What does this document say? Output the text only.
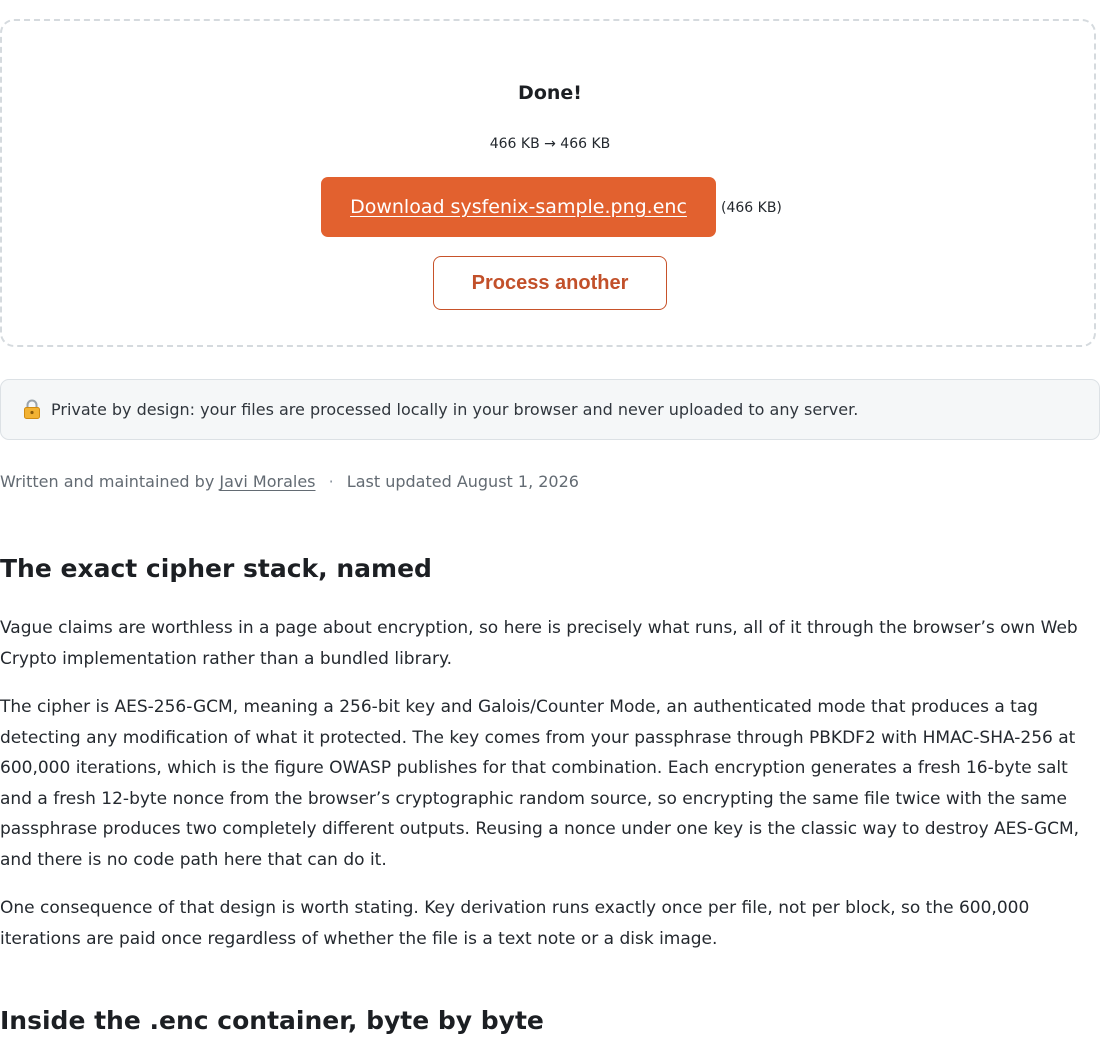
Done!
466 KB → 466 KB
Download sysfenix-sample.png.enc	(466 KB)
Process another
Private by design: your files are processed locally in your browser and never uploaded to any server.
Written and maintained by Javi Morales · Last updated August 1, 2026
The exact cipher stack, named

Vague claims are worthless in a page about encryption, so here is precisely what runs, all of it through the browser’s own Web Crypto implementation rather than a bundled library.

The cipher is AES-256-GCM, meaning a 256-bit key and Galois/Counter Mode, an authenticated mode that produces a tag detecting any modification of what it protected. The key comes from your passphrase through PBKDF2 with HMAC-SHA-256 at 600,000 iterations, which is the figure OWASP publishes for that combination. Each encryption generates a fresh 16-byte salt and a fresh 12-byte nonce from the browser’s cryptographic random source, so encrypting the same file twice with the same passphrase produces two completely different outputs. Reusing a nonce under one key is the classic way to destroy AES-GCM, and there is no code path here that can do it.

One consequence of that design is worth stating. Key derivation runs exactly once per file, not per block, so the 600,000 iterations are paid once regardless of whether the file is a text note or a disk image.

Inside the .enc container, byte by byte
